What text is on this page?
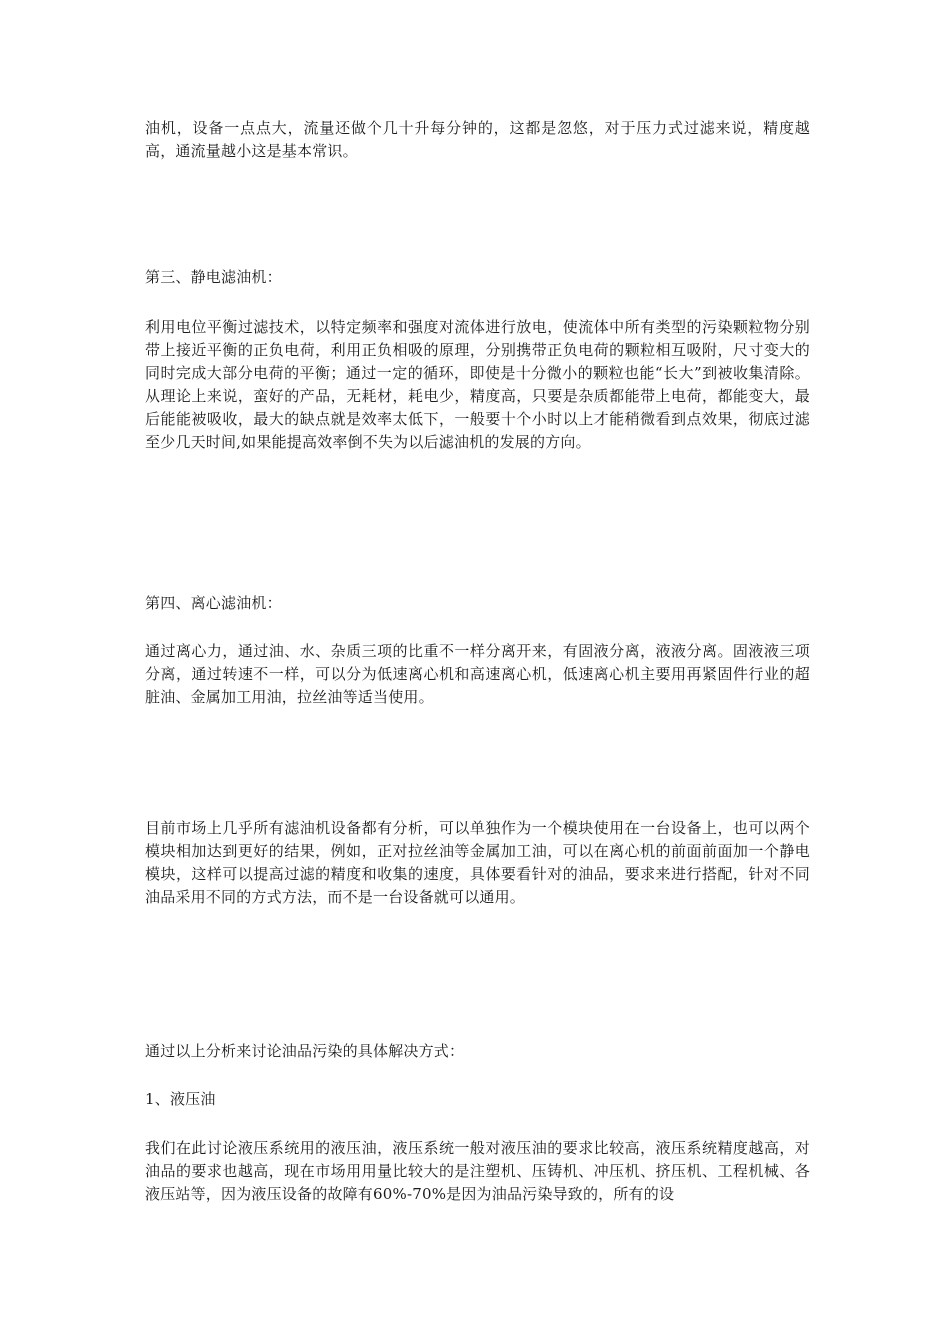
油机，设备一点点大，流量还做个几十升每分钟的，这都是忽悠，对于压力式过滤来说，精度越高，通流量越小这是基本常识。

第三、静电滤油机：

利用电位平衡过滤技术，以特定频率和强度对流体进行放电，使流体中所有类型的污染颗粒物分别带上接近平衡的正负电荷，利用正负相吸的原理，分别携带正负电荷的颗粒相互吸附，尺寸变大的同时完成大部分电荷的平衡；通过一定的循环，即使是十分微小的颗粒也能“长大”到被收集清除。从理论上来说，蛮好的产品，无耗材，耗电少，精度高，只要是杂质都能带上电荷，都能变大，最后能能被吸收，最大的缺点就是效率太低下，一般要十个小时以上才能稍微看到点效果，彻底过滤至少几天时间,如果能提高效率倒不失为以后滤油机的发展的方向。

第四、离心滤油机：

通过离心力，通过油、水、杂质三项的比重不一样分离开来，有固液分离，液液分离。固液液三项分离，通过转速不一样，可以分为低速离心机和高速离心机，低速离心机主要用再紧固件行业的超脏油、金属加工用油，拉丝油等适当使用。

目前市场上几乎所有滤油机设备都有分析，可以单独作为一个模块使用在一台设备上，也可以两个模块相加达到更好的结果，例如，正对拉丝油等金属加工油，可以在离心机的前面前面加一个静电模块，这样可以提高过滤的精度和收集的速度，具体要看针对的油品，要求来进行搭配，针对不同油品采用不同的方式方法，而不是一台设备就可以通用。

通过以上分析来讨论油品污染的具体解决方式：

1、液压油

我们在此讨论液压系统用的液压油，液压系统一般对液压油的要求比较高，液压系统精度越高，对油品的要求也越高，现在市场用用量比较大的是注塑机、压铸机、冲压机、挤压机、工程机械、各液压站等，因为液压设备的故障有60%-70%是因为油品污染导致的，所有的设
